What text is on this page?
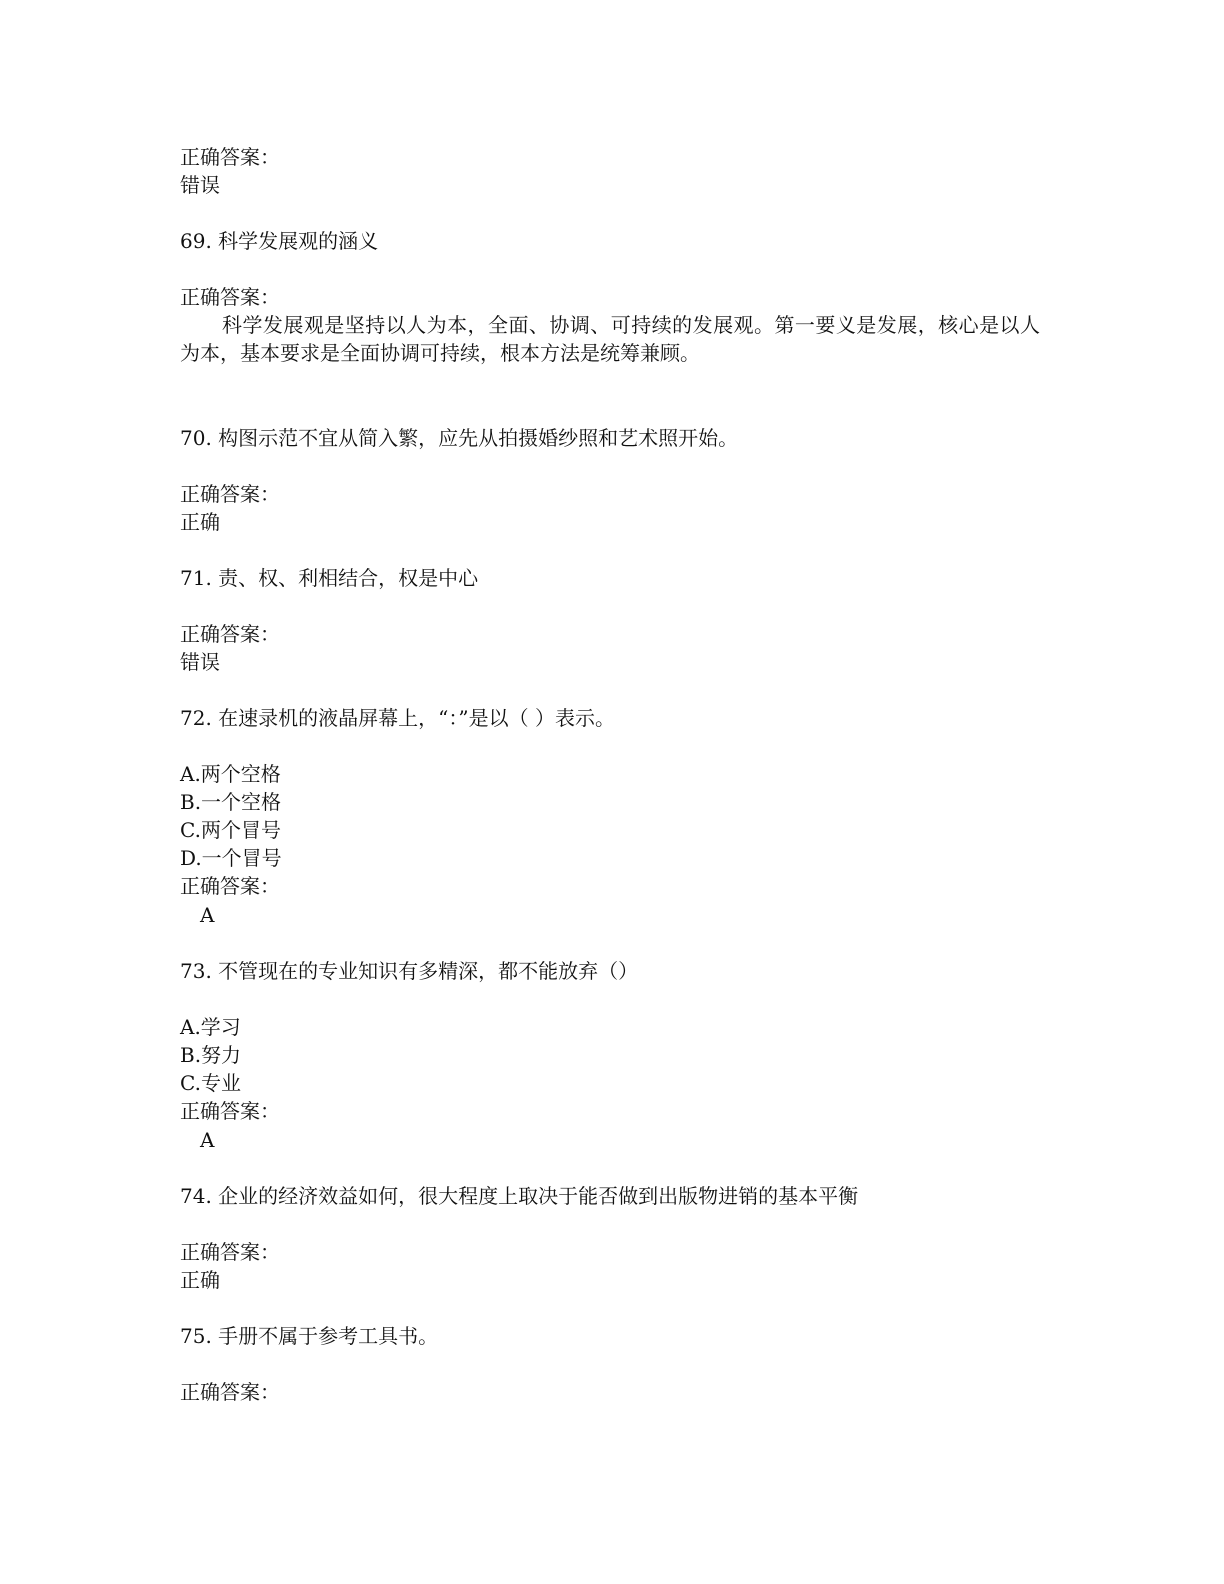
正确答案：
错误
69. 科学发展观的涵义
正确答案：
科学发展观是坚持以人为本，全面、协调、可持续的发展观。第一要义是发展，核心是以人为本，基本要求是全面协调可持续，根本方法是统筹兼顾。
70. 构图示范不宜从简入繁，应先从拍摄婚纱照和艺术照开始。
正确答案：
正确
71. 责、权、利相结合，权是中心
正确答案：
错误
72. 在速录机的液晶屏幕上，“：”是以（ ）表示。
A.两个空格
B.一个空格
C.两个冒号
D.一个冒号
正确答案：
A
73. 不管现在的专业知识有多精深，都不能放弃（）
A.学习
B.努力
C.专业
正确答案：
A
74. 企业的经济效益如何，很大程度上取决于能否做到出版物进销的基本平衡
正确答案：
正确
75. 手册不属于参考工具书。
正确答案：
